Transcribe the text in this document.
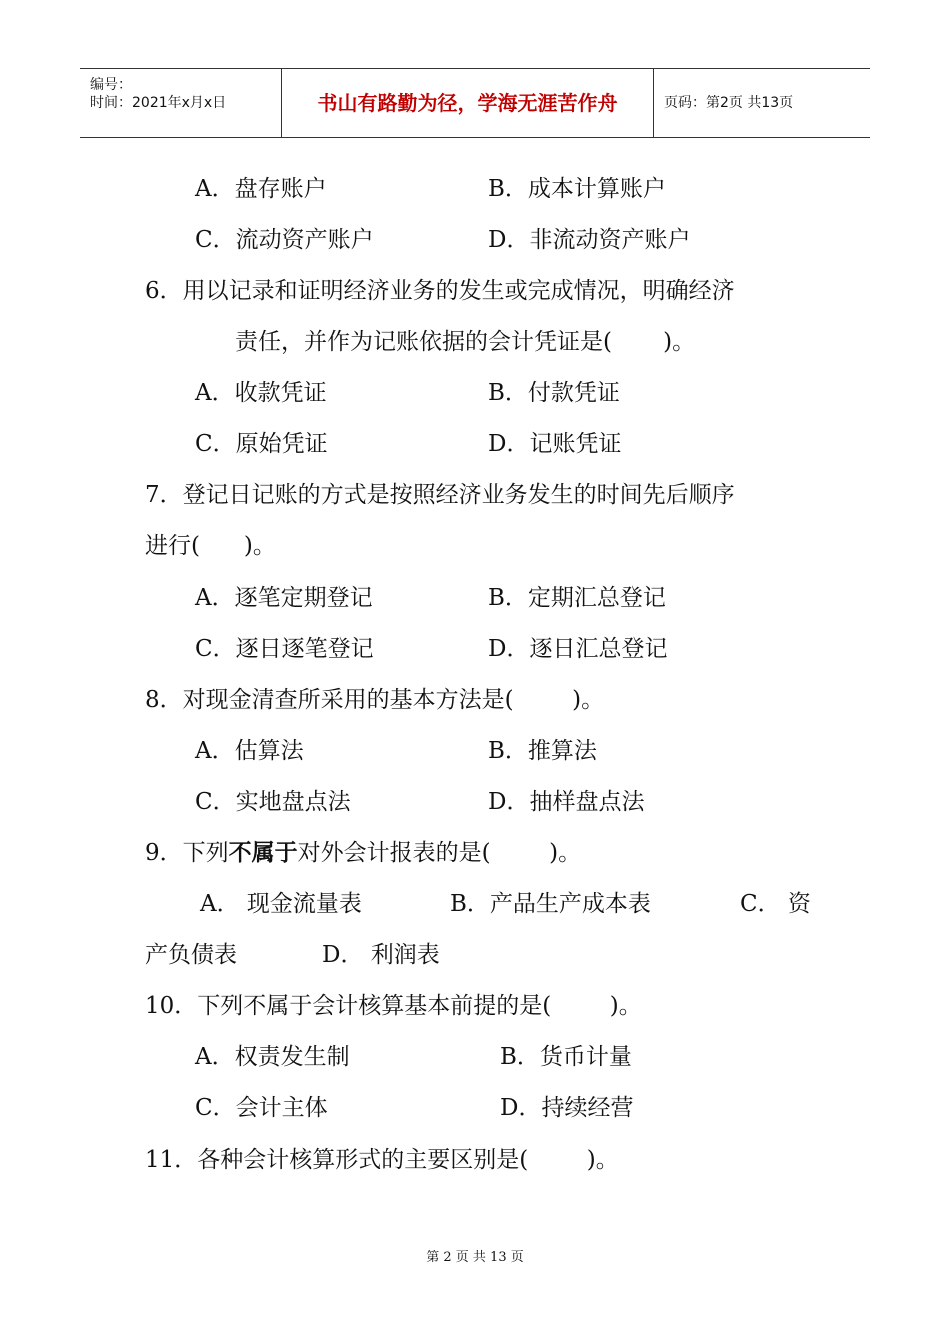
编号：
时间：2021年x月x日	书山有路勤为径，学海无涯苦作舟	页码：第2页 共13页
A．盘存账户	B．成本计算账户
C．流动资产账户	D．非流动资产账户
6．用以记录和证明经济业务的发生或完成情况，明确经济
责任，并作为记账依据的会计凭证是(       )。
A．收款凭证	B．付款凭证
C．原始凭证	D．记账凭证
7．登记日记账的方式是按照经济业务发生的时间先后顺序
进行(      )。
A．逐笔定期登记	B．定期汇总登记
C．逐日逐笔登记	D．逐日汇总登记
8．对现金清查所采用的基本方法是(        )。
A．估算法	B．推算法
C．实地盘点法	D．抽样盘点法
9．下列不属于对外会计报表的是(        )。
A． 现金流量表	B．产品生产成本表	C． 资
产负债表	D． 利润表
10．下列不属于会计核算基本前提的是(        )。
A．权责发生制	B．货币计量
C．会计主体	D．持续经营
11．各种会计核算形式的主要区别是(        )。
第 2 页 共 13 页
